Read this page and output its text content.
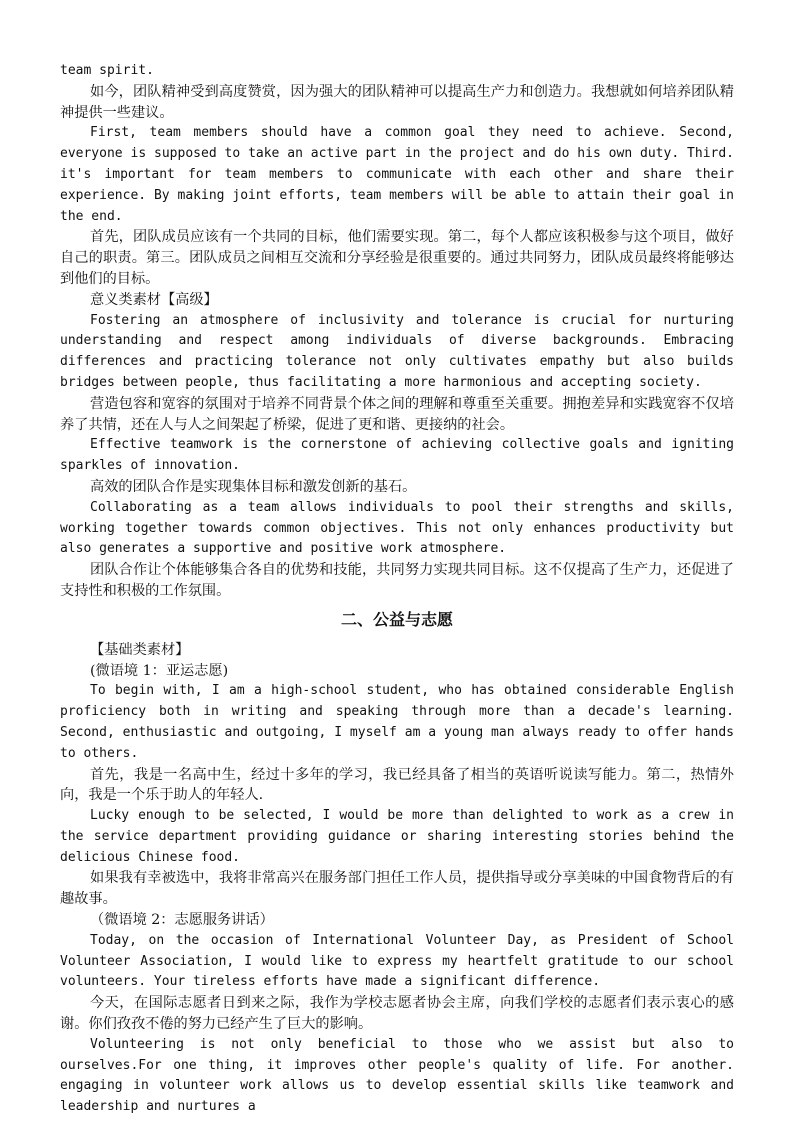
team spirit.

如今，团队精神受到高度赞赏，因为强大的团队精神可以提高生产力和创造力。我想就如何培养团队精神提供一些建议。

First, team members should have a common goal they need to achieve. Second, everyone is supposed to take an active part in the project and do his own duty. Third. it's important for team members to communicate with each other and share their experience. By making joint efforts, team members will be able to attain their goal in the end.

首先，团队成员应该有一个共同的目标，他们需要实现。第二，每个人都应该积极参与这个项目，做好自己的职责。第三。团队成员之间相互交流和分享经验是很重要的。通过共同努力，团队成员最终将能够达到他们的目标。

意义类素材【高级】

Fostering an atmosphere of inclusivity and tolerance is crucial for nurturing understanding and respect among individuals of diverse backgrounds. Embracing differences and practicing tolerance not only cultivates empathy but also builds bridges between people, thus facilitating a more harmonious and accepting society.

营造包容和宽容的氛围对于培养不同背景个体之间的理解和尊重至关重要。拥抱差异和实践宽容不仅培养了共情，还在人与人之间架起了桥梁，促进了更和谐、更接纳的社会。

Effective teamwork is the cornerstone of achieving collective goals and igniting sparkles of innovation.

高效的团队合作是实现集体目标和激发创新的基石。

Collaborating as a team allows individuals to pool their strengths and skills, working together towards common objectives. This not only enhances productivity but also generates a supportive and positive work atmosphere.

团队合作让个体能够集合各自的优势和技能，共同努力实现共同目标。这不仅提高了生产力，还促进了支持性和积极的工作氛围。

二、公益与志愿

【基础类素材】

(微语境 1：亚运志愿)

To begin with, I am a high-school student, who has obtained considerable English proficiency both in writing and speaking through more than a decade's learning. Second, enthusiastic and outgoing, I myself am a young man always ready to offer hands to others.

首先，我是一名高中生，经过十多年的学习，我已经具备了相当的英语听说读写能力。第二，热情外向，我是一个乐于助人的年轻人.

Lucky enough to be selected, I would be more than delighted to work as a crew in the service department providing guidance or sharing interesting stories behind the delicious Chinese food.

如果我有幸被选中，我将非常高兴在服务部门担任工作人员，提供指导或分享美味的中国食物背后的有趣故事。

（微语境 2：志愿服务讲话）

Today, on the occasion of International Volunteer Day, as President of School Volunteer Association, I would like to express my heartfelt gratitude to our school volunteers. Your tireless efforts have made a significant difference.

今天，在国际志愿者日到来之际，我作为学校志愿者协会主席，向我们学校的志愿者们表示衷心的感谢。你们孜孜不倦的努力已经产生了巨大的影响。

Volunteering is not only beneficial to those who we assist but also to ourselves.For one thing, it improves other people's quality of life. For another. engaging in volunteer work allows us to develop essential skills like teamwork and leadership and nurtures a
